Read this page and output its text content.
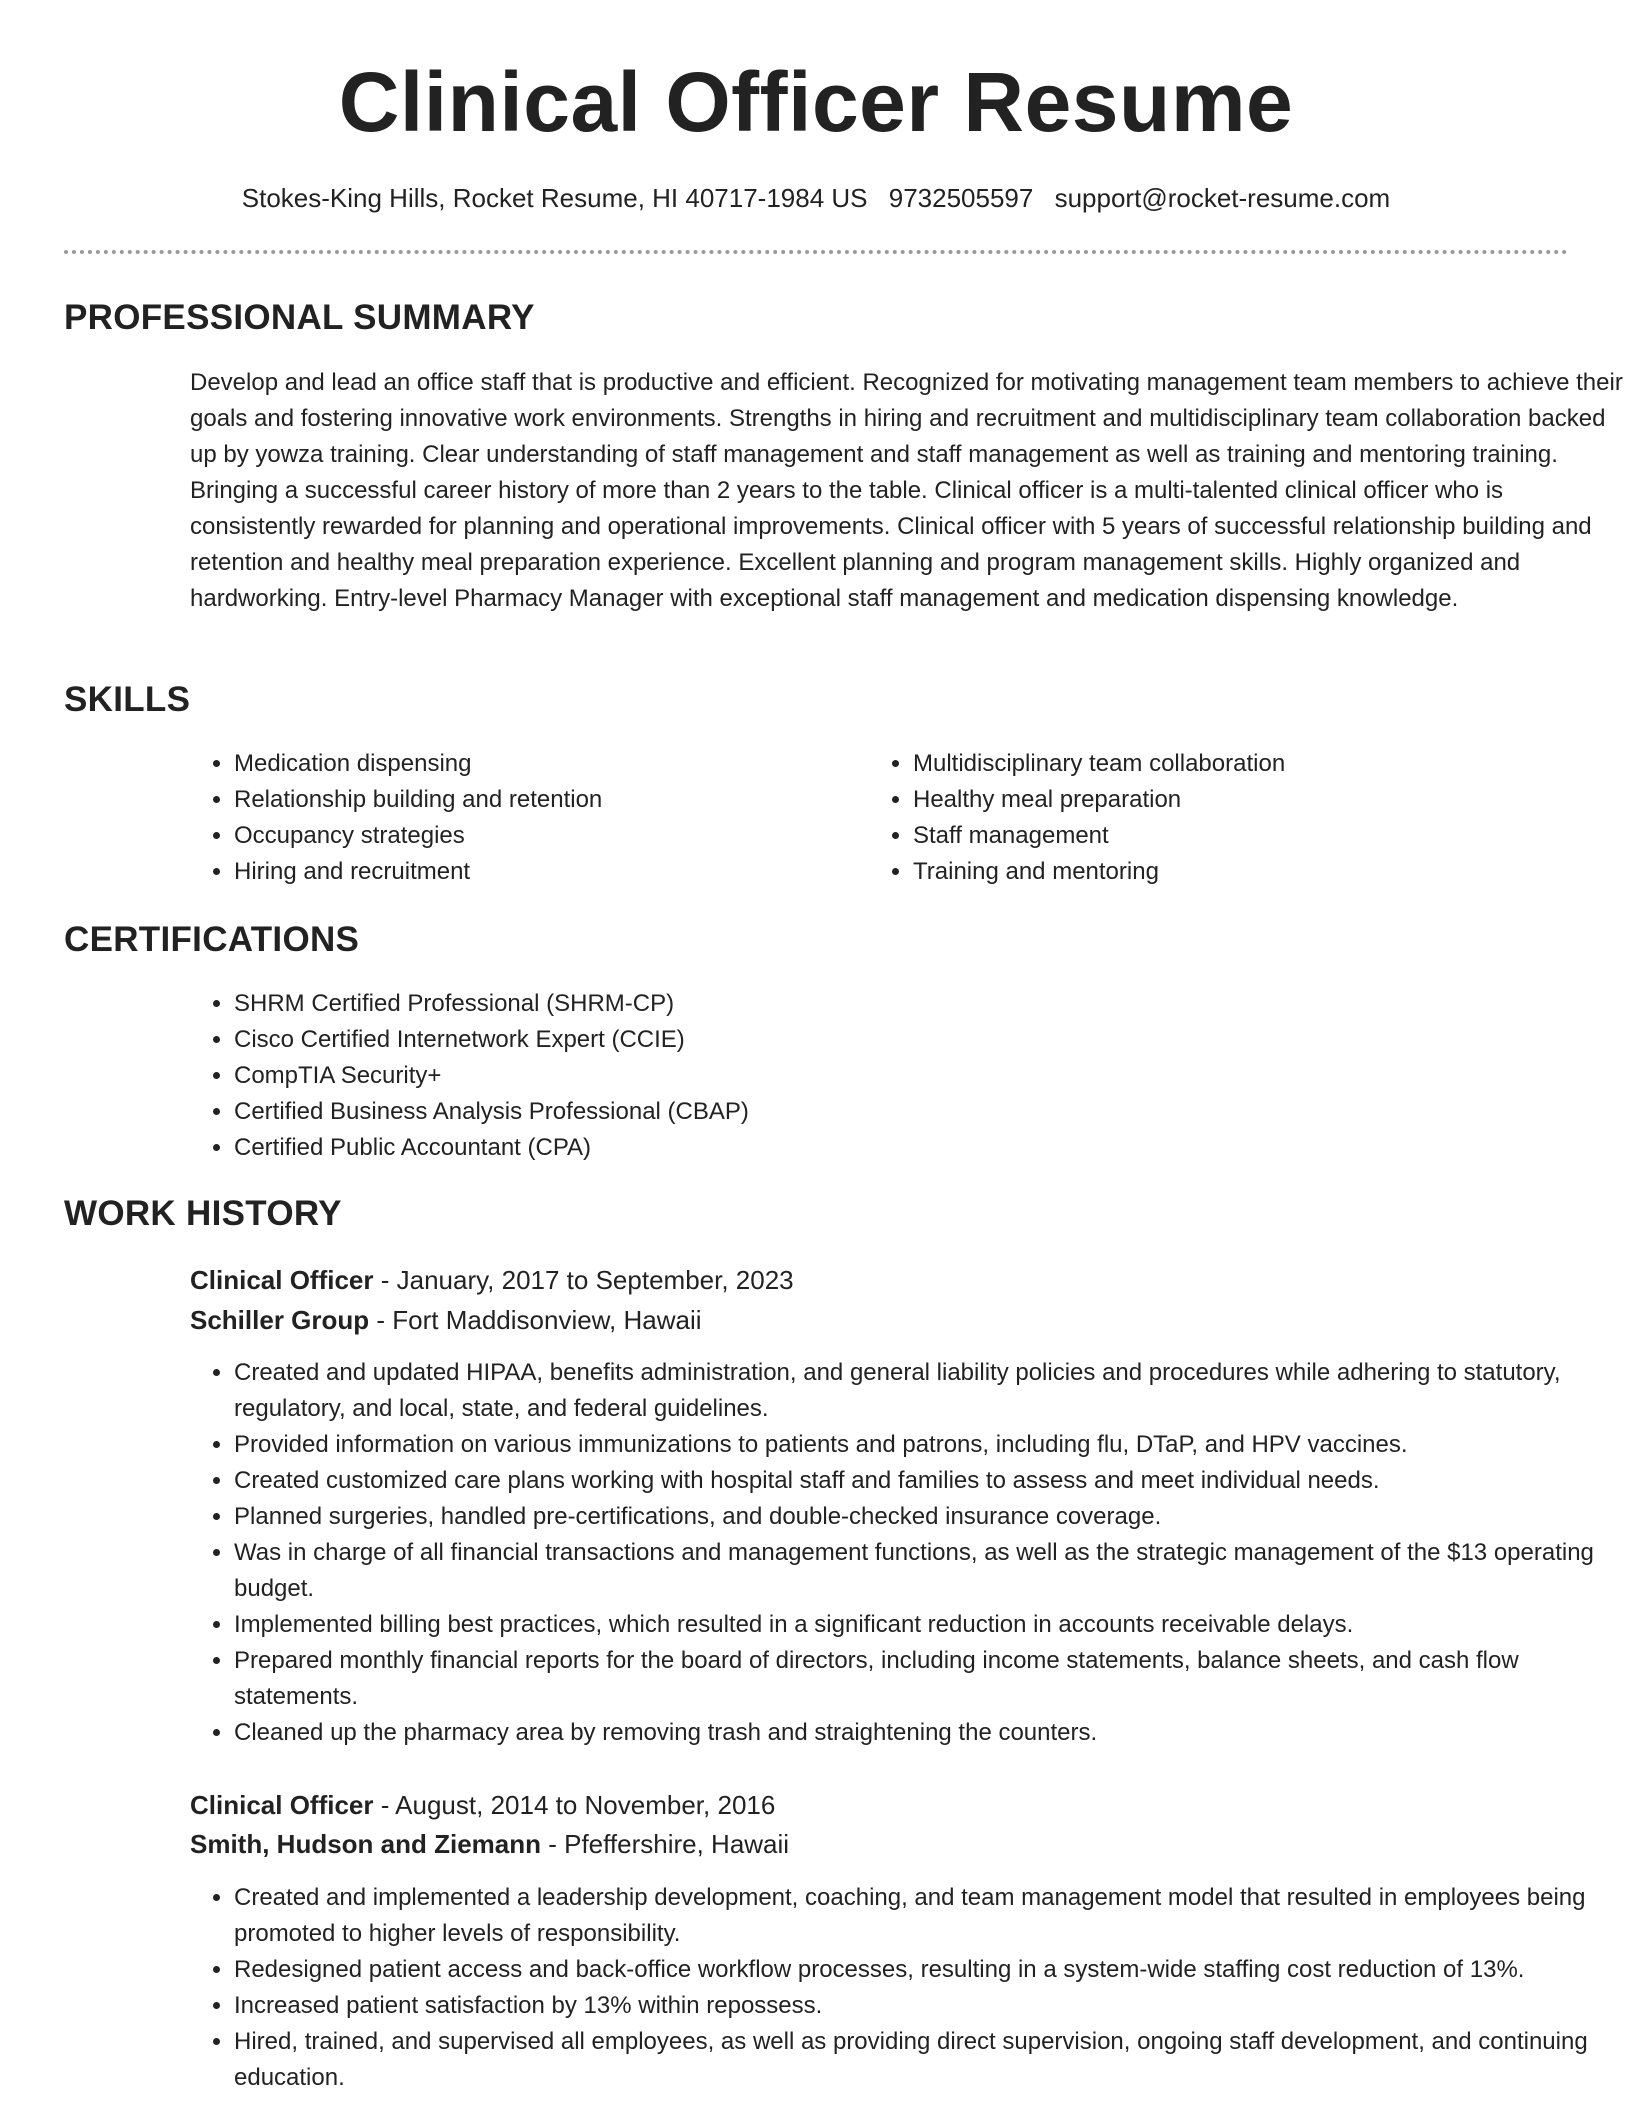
Clinical Officer Resume
Stokes-King Hills, Rocket Resume, HI 40717-1984 US 9732505597 support@rocket-resume.com
PROFESSIONAL SUMMARY

Develop and lead an office staff that is productive and efficient. Recognized for motivating management team members to achieve their goals and fostering innovative work environments. Strengths in hiring and recruitment and multidisciplinary team collaboration backed up by yowza training. Clear understanding of staff management and staff management as well as training and mentoring training. Bringing a successful career history of more than 2 years to the table. Clinical officer is a multi-talented clinical officer who is consistently rewarded for planning and operational improvements. Clinical officer with 5 years of successful relationship building and retention and healthy meal preparation experience. Excellent planning and program management skills. Highly organized and hardworking. Entry-level Pharmacy Manager with exceptional staff management and medication dispensing knowledge.

SKILLS
• Medication dispensing
• Relationship building and retention
• Occupancy strategies
• Hiring and recruitment
• Multidisciplinary team collaboration
• Healthy meal preparation
• Staff management
• Training and mentoring
CERTIFICATIONS
• SHRM Certified Professional (SHRM-CP)
• Cisco Certified Internetwork Expert (CCIE)
• CompTIA Security+
• Certified Business Analysis Professional (CBAP)
• Certified Public Accountant (CPA)
WORK HISTORY

Clinical Officer - January, 2017 to September, 2023

Schiller Group - Fort Maddisonview, Hawaii

• Created and updated HIPAA, benefits administration, and general liability policies and procedures while adhering to statutory, regulatory, and local, state, and federal guidelines.
• Provided information on various immunizations to patients and patrons, including flu, DTaP, and HPV vaccines.
• Created customized care plans working with hospital staff and families to assess and meet individual needs.
• Planned surgeries, handled pre-certifications, and double-checked insurance coverage.
• Was in charge of all financial transactions and management functions, as well as the strategic management of the $13 operating budget.
• Implemented billing best practices, which resulted in a significant reduction in accounts receivable delays.
• Prepared monthly financial reports for the board of directors, including income statements, balance sheets, and cash flow statements.
• Cleaned up the pharmacy area by removing trash and straightening the counters.

Clinical Officer - August, 2014 to November, 2016

Smith, Hudson and Ziemann - Pfeffershire, Hawaii

• Created and implemented a leadership development, coaching, and team management model that resulted in employees being promoted to higher levels of responsibility.
• Redesigned patient access and back-office workflow processes, resulting in a system-wide staffing cost reduction of 13%.
• Increased patient satisfaction by 13% within repossess.
• Hired, trained, and supervised all employees, as well as providing direct supervision, ongoing staff development, and continuing education.
